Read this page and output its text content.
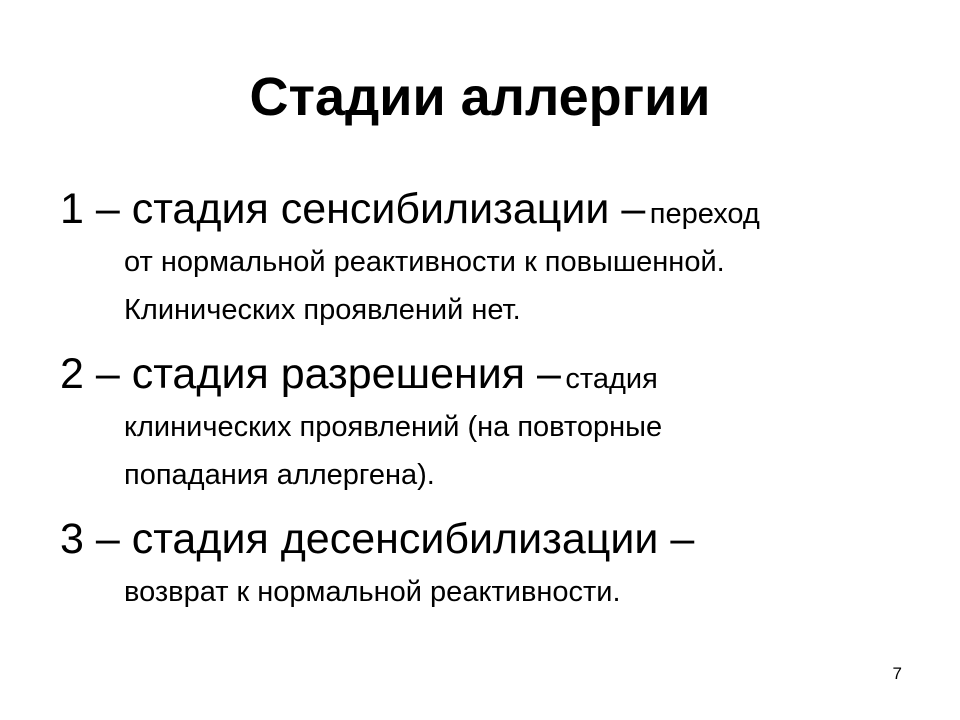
Стадии аллергии
1 – стадия сенсибилизации – переход
от нормальной реактивности к повышенной.
Клинических проявлений нет.
2 – стадия разрешения – стадия
клинических проявлений (на повторные
попадания аллергена).
3 – стадия десенсибилизации –
возврат к нормальной реактивности.
7
